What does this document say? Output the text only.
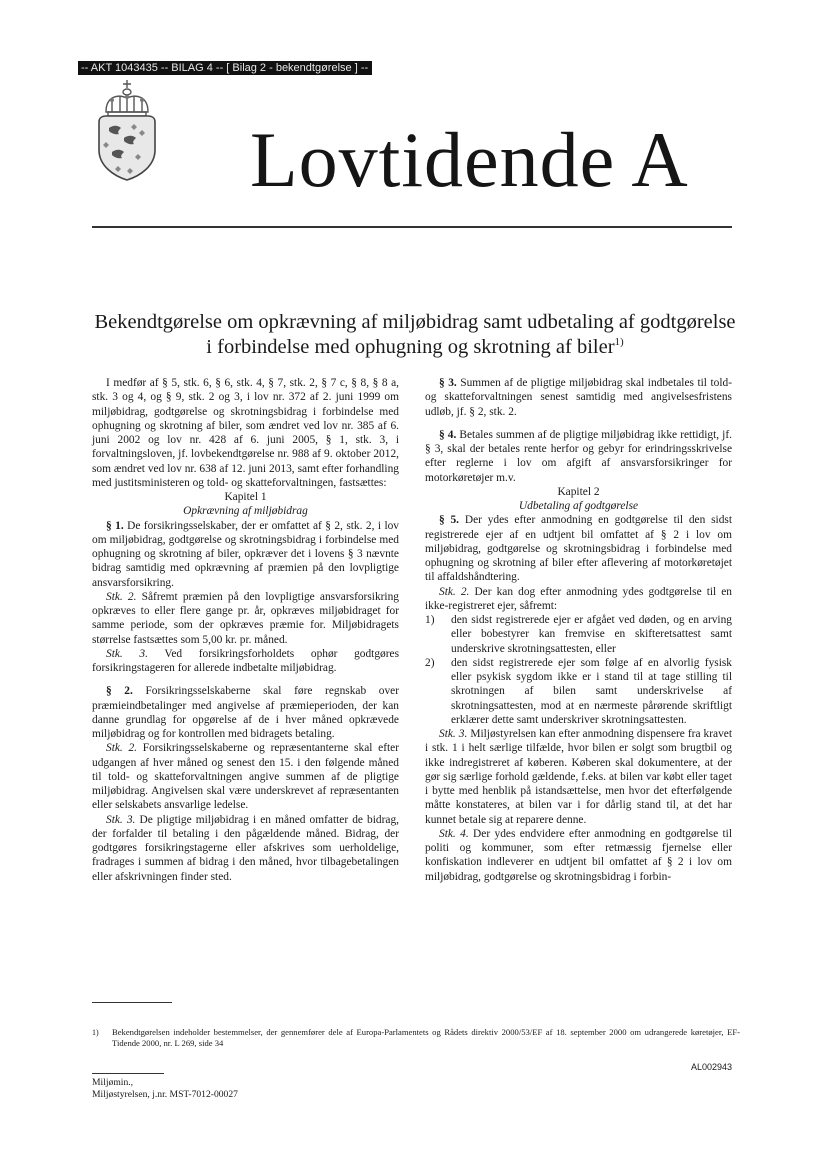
-- AKT 1043435 -- BILAG 4 -- [ Bilag 2 - bekendtgørelse ] --
Lovtidende A
Bekendtgørelse om opkrævning af miljøbidrag samt udbetaling af godtgørelse i forbindelse med ophugning og skrotning af biler$^{1)}$

I medfør af § 5, stk. 6, § 6, stk. 4, § 7, stk. 2, § 7 c, § 8, § 8 a, stk. 3 og 4, og § 9, stk. 2 og 3, i lov nr. 372 af 2. juni 1999 om miljøbidrag, godtgørelse og skrotningsbidrag i forbindelse med ophugning og skrotning af biler, som ændret ved lov nr. 385 af 6. juni 2002 og lov nr. 428 af 6. juni 2005, § 1, stk. 3, i forvaltningsloven, jf. lovbekendtgørelse nr. 988 af 9. oktober 2012, som ændret ved lov nr. 638 af 12. juni 2013, samt efter forhandling med justitsministeren og told- og skatteforvaltningen, fastsættes:

Kapitel 1

Opkrævning af miljøbidrag

§ 1. De forsikringsselskaber, der er omfattet af § 2, stk. 2, i lov om miljøbidrag, godtgørelse og skrotningsbidrag i forbindelse med ophugning og skrotning af biler, opkræver det i lovens § 3 nævnte bidrag samtidig med opkrævning af præmien på den lovpligtige ansvarsforsikring.

Stk. 2. Såfremt præmien på den lovpligtige ansvarsforsikring opkræves to eller flere gange pr. år, opkræves miljøbidraget for samme periode, som der opkræves præmie for. Miljøbidragets størrelse fastsættes som 5,00 kr. pr. måned.

Stk. 3. Ved forsikringsforholdets ophør godtgøres forsikringstageren for allerede indbetalte miljøbidrag.

§ 2. Forsikringsselskaberne skal føre regnskab over præmieindbetalinger med angivelse af præmieperioden, der kan danne grundlag for opgørelse af de i hver måned opkrævede miljøbidrag og for kontrollen med bidragets betaling.

Stk. 2. Forsikringsselskaberne og repræsentanterne skal efter udgangen af hver måned og senest den 15. i den følgende måned til told- og skatteforvaltningen angive summen af de pligtige miljøbidrag. Angivelsen skal være underskrevet af repræsentanten eller selskabets ansvarlige ledelse.

Stk. 3. De pligtige miljøbidrag i en måned omfatter de bidrag, der forfalder til betaling i den pågældende måned. Bidrag, der godtgøres forsikringstagerne eller afskrives som uerholdelige, fradrages i summen af bidrag i den måned, hvor tilbagebetalingen eller afskrivningen finder sted.

§ 3. Summen af de pligtige miljøbidrag skal indbetales til told- og skatteforvaltningen senest samtidig med angivelsesfristens udløb, jf. § 2, stk. 2.

§ 4. Betales summen af de pligtige miljøbidrag ikke rettidigt, jf. § 3, skal der betales rente herfor og gebyr for erindringsskrivelse efter reglerne i lov om afgift af ansvarsforsikringer for motorkøretøjer m.v.

Kapitel 2

Udbetaling af godtgørelse

§ 5. Der ydes efter anmodning en godtgørelse til den sidst registrerede ejer af en udtjent bil omfattet af § 2 i lov om miljøbidrag, godtgørelse og skrotningsbidrag i forbindelse med ophugning og skrotning af biler efter aflevering af motorkøretøjet til affaldshåndtering.

Stk. 2. Der kan dog efter anmodning ydes godtgørelse til en ikke-registreret ejer, såfremt:

1)	den sidst registrerede ejer er afgået ved døden, og en arving eller bobestyrer kan fremvise en skifteretsattest samt underskrive skrotningsattesten, eller
2)	den sidst registrerede ejer som følge af en alvorlig fysisk eller psykisk sygdom ikke er i stand til at tage stilling til skrotningen af bilen samt underskrivelse af skrotningsattesten, mod at en nærmeste pårørende skriftligt erklærer dette samt underskriver skrotningsattesten.

Stk. 3. Miljøstyrelsen kan efter anmodning dispensere fra kravet i stk. 1 i helt særlige tilfælde, hvor bilen er solgt som brugtbil og ikke indregistreret af køberen. Køberen skal dokumentere, at der gør sig særlige forhold gældende, f.eks. at bilen var købt eller taget i bytte med henblik på istandsættelse, men hvor det efterfølgende måtte konstateres, at bilen var i for dårlig stand til, at det har kunnet betale sig at reparere denne.

Stk. 4. Der ydes endvidere efter anmodning en godtgørelse til politi og kommuner, som efter retmæssig fjernelse eller konfiskation indleverer en udtjent bil omfattet af § 2 i lov om miljøbidrag, godtgørelse og skrotningsbidrag i forbin-

1)	Bekendtgørelsen indeholder bestemmelser, der gennemfører dele af Europa-Parlamentets og Rådets direktiv 2000/53/EF af 18. september 2000 om udrangerede køretøjer, EF-Tidende 2000, nr. L 269, side 34
AL002943
Miljømin.,
Miljøstyrelsen, j.nr. MST-7012-00027
